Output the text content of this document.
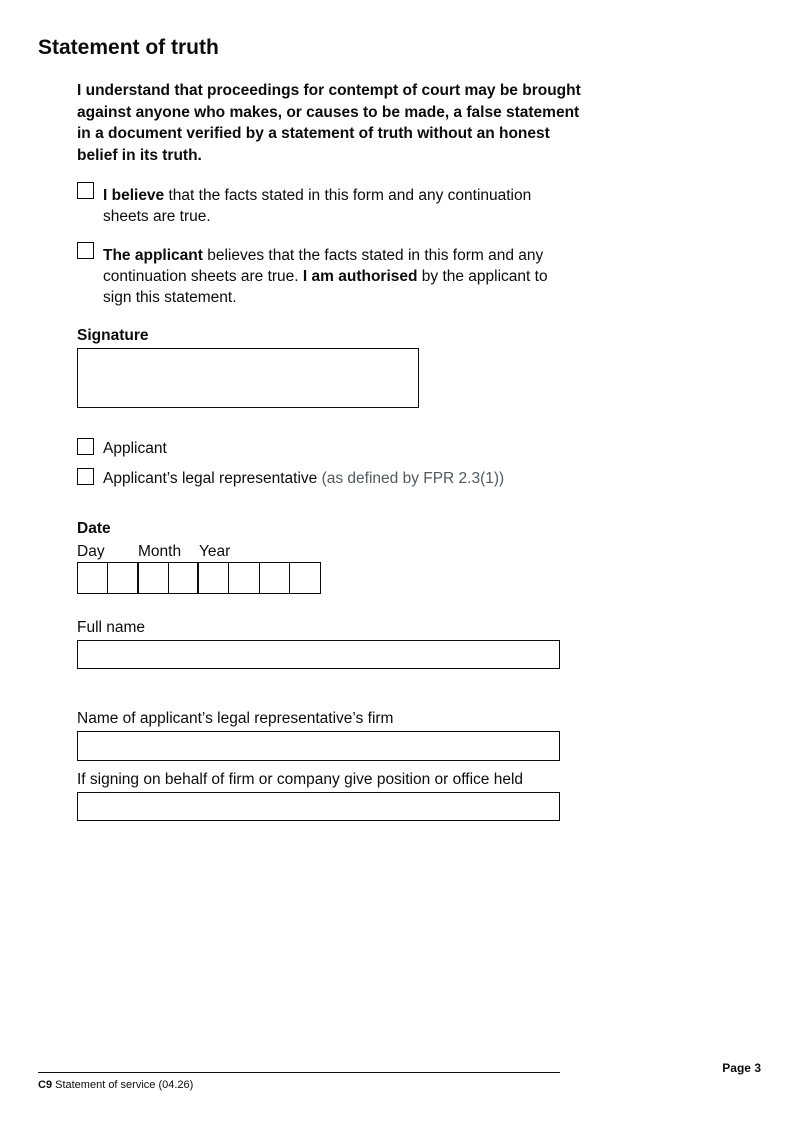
Statement of truth
I understand that proceedings for contempt of court may be brought against anyone who makes, or causes to be made, a false statement in a document verified by a statement of truth without an honest belief in its truth.
I believe that the facts stated in this form and any continuation sheets are true.
The applicant believes that the facts stated in this form and any continuation sheets are true. I am authorised by the applicant to sign this statement.
Signature
Applicant
Applicant’s legal representative (as defined by FPR 2.3(1))
Date
Day Month Year
Full name
Name of applicant’s legal representative’s firm
If signing on behalf of firm or company give position or office held
Page 3
C9 Statement of service (04.26)
